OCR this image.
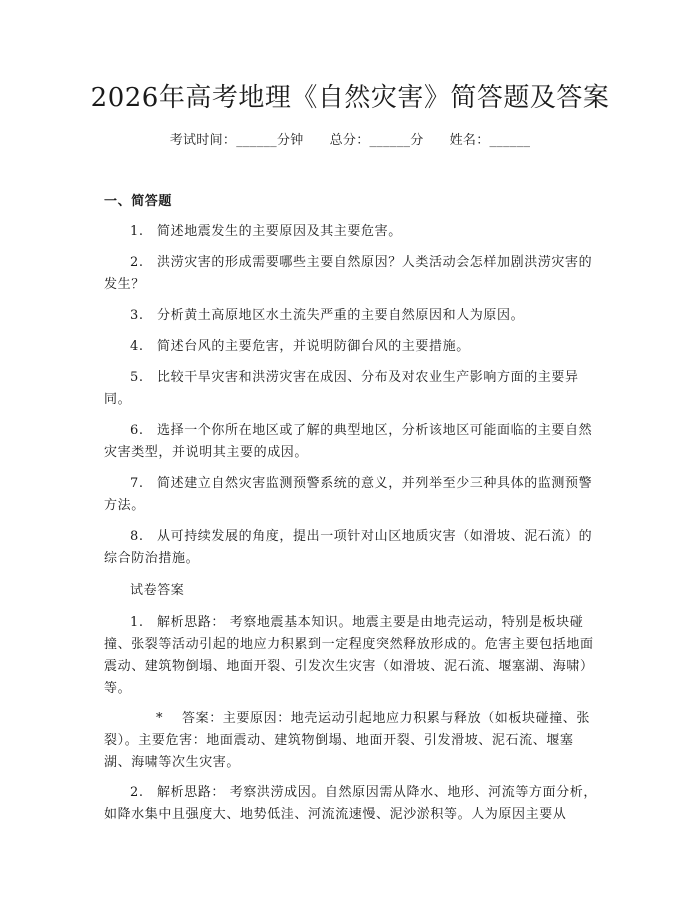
2026年高考地理《自然灾害》简答题及答案
考试时间：______分钟 总分：______分 姓名：______
一、简答题

1. 简述地震发生的主要原因及其主要危害。

2. 洪涝灾害的形成需要哪些主要自然原因？人类活动会怎样加剧洪涝灾害的发生？

3. 分析黄土高原地区水土流失严重的主要自然原因和人为原因。

4. 简述台风的主要危害，并说明防御台风的主要措施。

5. 比较干旱灾害和洪涝灾害在成因、分布及对农业生产影响方面的主要异同。

6. 选择一个你所在地区或了解的典型地区，分析该地区可能面临的主要自然灾害类型，并说明其主要的成因。

7. 简述建立自然灾害监测预警系统的意义，并列举至少三种具体的监测预警方法。

8. 从可持续发展的角度，提出一项针对山区地质灾害（如滑坡、泥石流）的综合防治措施。

试卷答案

1. 解析思路： 考察地震基本知识。地震主要是由地壳运动，特别是板块碰撞、张裂等活动引起的地应力积累到一定程度突然释放形成的。危害主要包括地面震动、建筑物倒塌、地面开裂、引发次生灾害（如滑坡、泥石流、堰塞湖、海啸）等。

* 答案：主要原因：地壳运动引起地应力积累与释放（如板块碰撞、张裂）。主要危害：地面震动、建筑物倒塌、地面开裂、引发滑坡、泥石流、堰塞湖、海啸等次生灾害。

2. 解析思路： 考察洪涝成因。自然原因需从降水、地形、河流等方面分析，如降水集中且强度大、地势低洼、河流流速慢、泥沙淤积等。人为原因主要从
